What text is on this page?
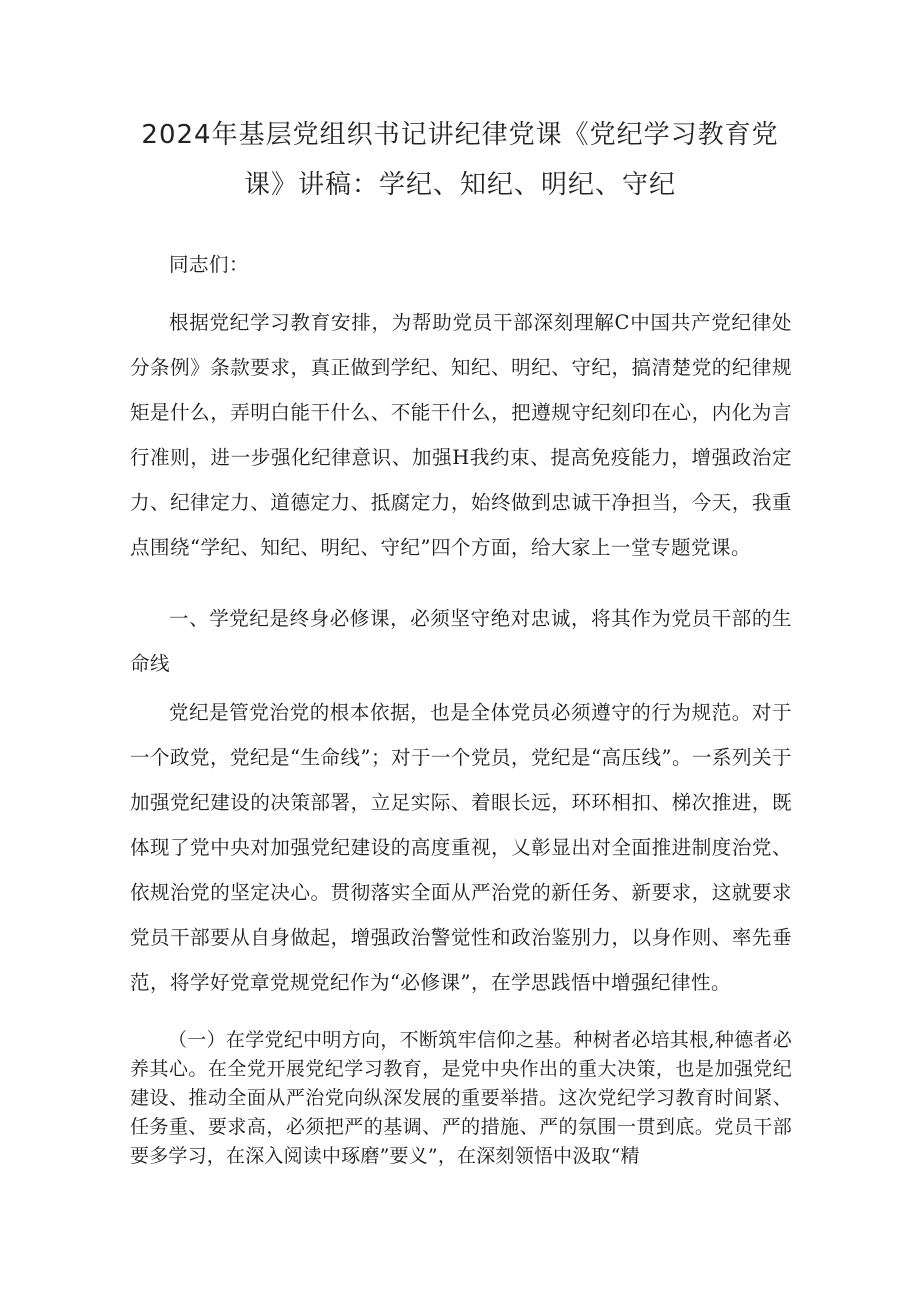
2024年基层党组织书记讲纪律党课《党纪学习教育党
课》讲稿：学纪、知纪、明纪、守纪

同志们：

根据党纪学习教育安排，为帮助党员干部深刻理解C中国共产党纪律处分条例》条款要求，真正做到学纪、知纪、明纪、守纪，搞清楚党的纪律规矩是什么，弄明白能干什么、不能干什么，把遵规守纪刻印在心，内化为言行准则，进一步强化纪律意识、加强H我约束、提高免疫能力，增强政治定力、纪律定力、道德定力、抵腐定力，始终做到忠诚干净担当，今天，我重点围绕“学纪、知纪、明纪、守纪”四个方面，给大家上一堂专题党课。

一、学党纪是终身必修课，必须坚守绝对忠诚，将其作为党员干部的生命线

党纪是管党治党的根本依据，也是全体党员必须遵守的行为规范。对于一个政党，党纪是“生命线”；对于一个党员，党纪是“高压线”。一系列关于加强党纪建设的决策部署，立足实际、着眼长远，环环相扣、梯次推进，既体现了党中央对加强党纪建设的高度重视，乂彰显出对全面推进制度治党、依规治党的坚定决心。贯彻落实全面从严治党的新任务、新要求，这就要求党员干部要从自身做起，增强政治警觉性和政治鉴别力，以身作则、率先垂范，将学好党章党规党纪作为“必修课”，在学思践悟中增强纪律性。

（一）在学党纪中明方向，不断筑牢信仰之基。种树者必培其根,种德者必养其心。在全党开展党纪学习教育，是党中央作出的重大决策，也是加强党纪建设、推动全面从严治党向纵深发展的重要举措。这次党纪学习教育时间紧、任务重、要求高，必须把严的基调、严的措施、严的氛围一贯到底。党员干部要多学习，在深入阅读中琢磨”要义”，在深刻领悟中汲取“精
